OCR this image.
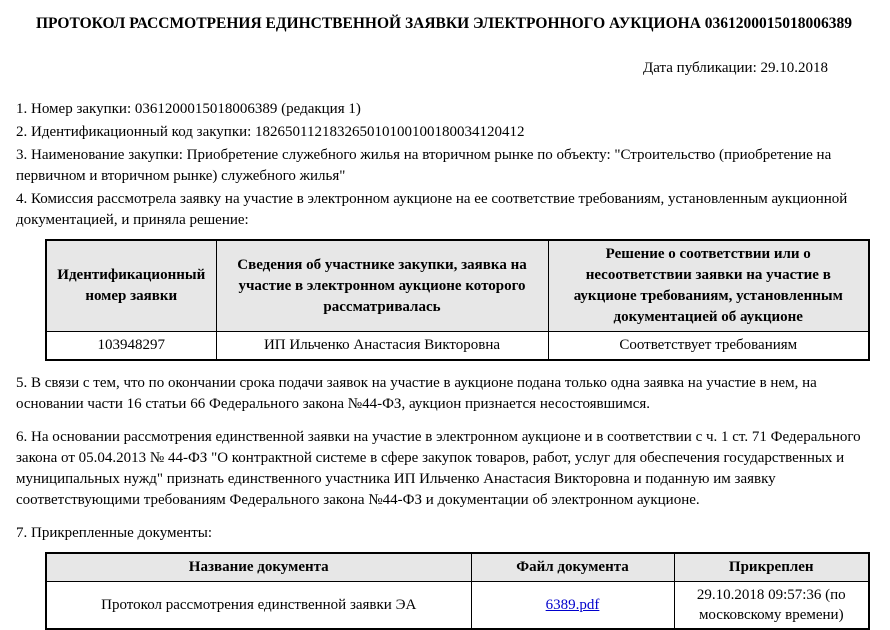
ПРОТОКОЛ РАССМОТРЕНИЯ ЕДИНСТВЕННОЙ ЗАЯВКИ ЭЛЕКТРОННОГО АУКЦИОНА 0361200015018006389
Дата публикации: 29.10.2018

1. Номер закупки: 0361200015018006389 (редакция 1)

2. Идентификационный код закупки: 182650112183265010100100180034120412

3. Наименование закупки: Приобретение служебного жилья на вторичном рынке по объекту: "Строительство (приобретение на первичном и вторичном рынке) служебного жилья"

4. Комиссия рассмотрела заявку на участие в электронном аукционе на ее соответствие требованиям, установленным аукционной документацией, и приняла решение:

Идентификационный номер заявки	Сведения об участнике закупки, заявка на участие в электронном аукционе которого рассматривалась	Решение о соответствии или о несоответствии заявки на участие в аукционе требованиям, установленным документацией об аукционе
103948297	ИП Ильченко Анастасия Викторовна	Соответствует требованиям

5. В связи с тем, что по окончании срока подачи заявок на участие в аукционе подана только одна заявка на участие в нем, на основании части 16 статьи 66 Федерального закона №44-ФЗ, аукцион признается несостоявшимся.

6. На основании рассмотрения единственной заявки на участие в электронном аукционе и в соответствии с ч. 1 ст. 71 Федерального закона от 05.04.2013 № 44-ФЗ "О контрактной системе в сфере закупок товаров, работ, услуг для обеспечения государственных и муниципальных нужд" признать единственного участника ИП Ильченко Анастасия Викторовна и поданную им заявку соответствующими требованиям Федерального закона №44-ФЗ и документации об электронном аукционе.

7. Прикрепленные документы:

Название документа	Файл документа	Прикреплен
Протокол рассмотрения единственной заявки ЭА	6389.pdf	29.10.2018 09:57:36 (по московскому времени)
